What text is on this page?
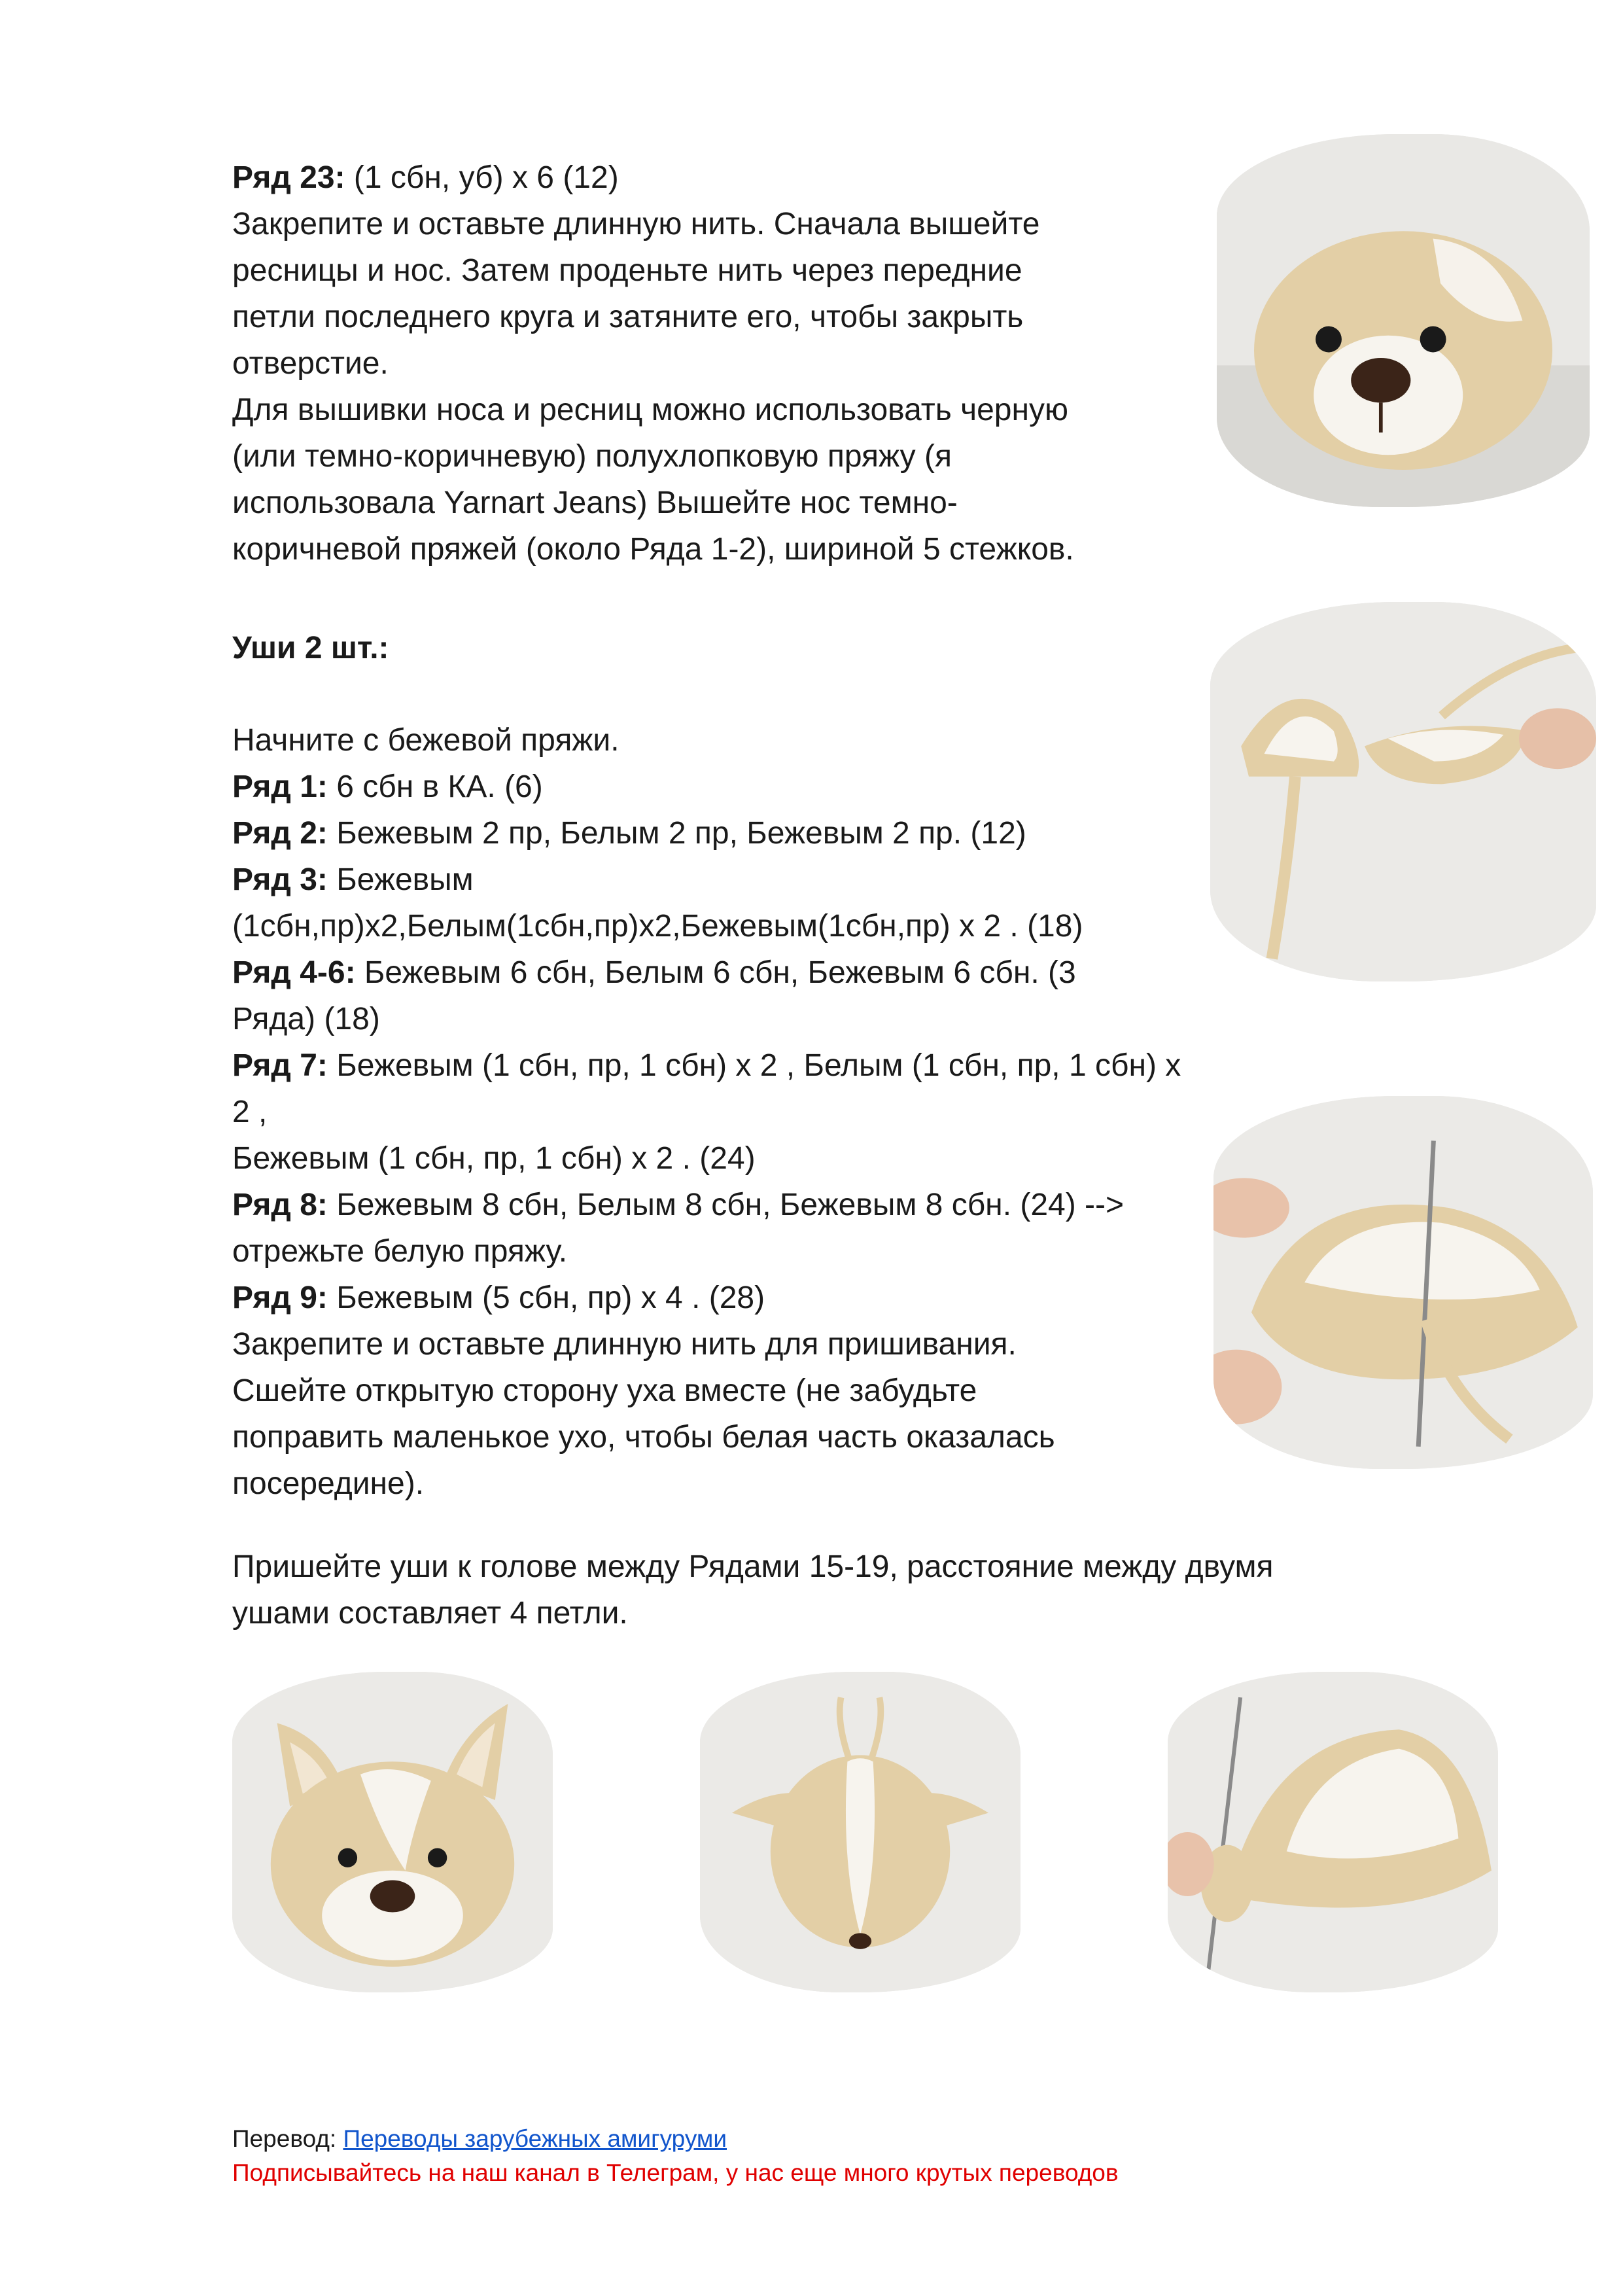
Ряд 23: (1 сбн, уб) х 6 (12)

Закрепите и оставьте длинную нить. Сначала вышейте

ресницы и нос. Затем проденьте нить через передние

петли последнего круга и затяните его, чтобы закрыть

отверстие.

Для вышивки носа и ресниц можно использовать черную

(или темно-коричневую) полухлопковую пряжу (я

использовала Yarnart Jeans) Вышейте нос темно-

коричневой пряжей (около Ряда 1-2), шириной 5 стежков.

Уши 2 шт.:

Начните с бежевой пряжи.

Ряд 1: 6 сбн в КА. (6)

Ряд 2: Бежевым 2 пр, Белым 2 пр, Бежевым 2 пр. (12)

Ряд 3: Бежевым

(1сбн,пр)х2,Белым(1сбн,пр)х2,Бежевым(1сбн,пр) х 2 . (18)

Ряд 4-6: Бежевым 6 сбн, Белым 6 сбн, Бежевым 6 сбн. (3

Ряда) (18)

Ряд 7: Бежевым (1 сбн, пр, 1 сбн) х 2 , Белым (1 сбн, пр, 1 сбн) х

2 ,

Бежевым (1 сбн, пр, 1 сбн) х 2 . (24)

Ряд 8: Бежевым 8 сбн, Белым 8 сбн, Бежевым 8 сбн. (24) -->

отрежьте белую пряжу.

Ряд 9: Бежевым (5 сбн, пр) х 4 . (28)

Закрепите и оставьте длинную нить для пришивания.

Сшейте открытую сторону уха вместе (не забудьте

поправить маленькое ухо, чтобы белая часть оказалась

посередине).

Пришейте уши к голове между Рядами 15-19, расстояние между двумя

ушами составляет 4 петли.

Перевод: Переводы зарубежных амигуруми
Подписывайтесь на наш канал в Телеграм, у нас еще много крутых переводов
